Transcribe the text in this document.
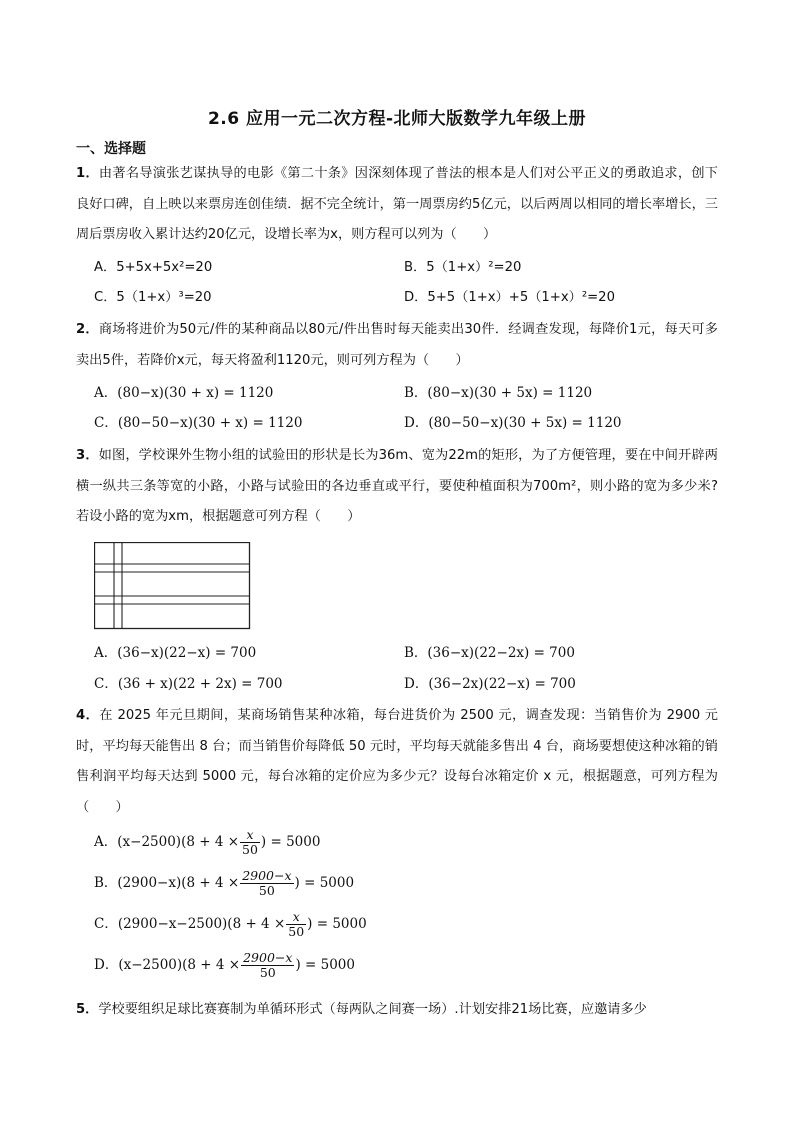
2.6 应用一元二次方程-北师大版数学九年级上册
一、选择题
1．由著名导演张艺谋执导的电影《第二十条》因深刻体现了普法的根本是人们对公平正义的勇敢追求，创下良好口碑，自上映以来票房连创佳绩．据不完全统计，第一周票房约5亿元，以后两周以相同的增长率增长，三周后票房收入累计达约20亿元，设增长率为x，则方程可以列为（　　）
A．5+5x+5x²=20	B．5（1+x）²=20
C．5（1+x）³=20	D．5+5（1+x）+5（1+x）²=20
2．商场将进价为50元/件的某种商品以80元/件出售时每天能卖出30件．经调查发现，每降价1元，每天可多卖出5件，若降价x元，每天将盈利1120元，则可列方程为（　　）
A．(80−x)(30 + x) = 1120	B．(80−x)(30 + 5x) = 1120
C．(80−50−x)(30 + x) = 1120	D．(80−50−x)(30 + 5x) = 1120
3．如图，学校课外生物小组的试验田的形状是长为36m、宽为22m的矩形，为了方便管理，要在中间开辟两横一纵共三条等宽的小路，小路与试验田的各边垂直或平行，要使种植面积为700m²，则小路的宽为多少米?若设小路的宽为xm，根据题意可列方程（　　）
A．(36−x)(22−x) = 700	B．(36−x)(22−2x) = 700
C．(36 + x)(22 + 2x) = 700	D．(36−2x)(22−x) = 700
4．在 2025 年元旦期间，某商场销售某种冰箱，每台进货价为 2500 元，调查发现：当销售价为 2900 元时，平均每天能售出 8 台；而当销售价每降低 50 元时，平均每天就能多售出 4 台，商场要想使这种冰箱的销售利润平均每天达到 5000 元，每台冰箱的定价应为多少元？设每台冰箱定价 x 元，根据题意，可列方程为（　　）
A．$(x-2500)(8 + 4 \times \frac{x}{50}$ ) = 5000
B．$(2900-x)(8 + 4 \times \frac{2900-x}{50}$ ) = 5000
C．$(2900-x-2500)(8 + 4 \times \frac{x}{50}$ ) = 5000
D．$(x-2500)(8 + 4 \times \frac{2900-x}{50}$ ) = 5000
5．学校要组织足球比赛赛制为单循环形式（每两队之间赛一场）.计划安排21场比赛，应邀请多少
